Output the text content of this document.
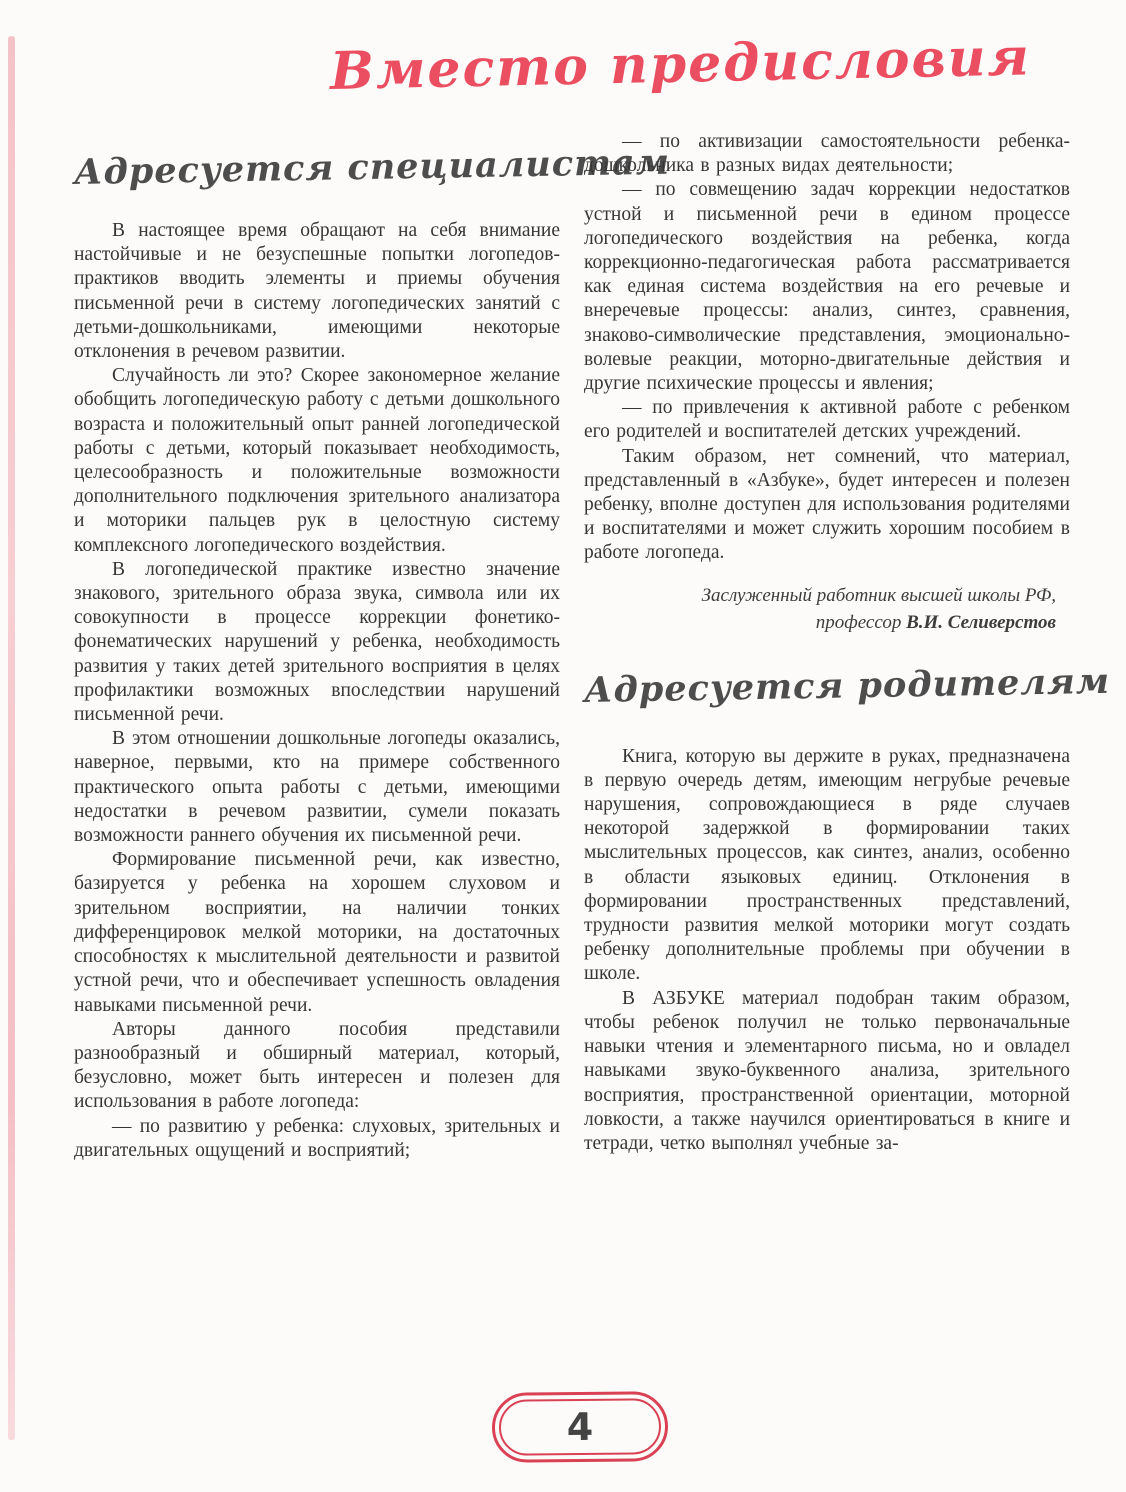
Вместо предисловия
Адресуется специалистам

В настоящее время обращают на себя внимание настойчивые и не безуспешные попытки логопедов-практиков вводить элементы и приемы обучения письменной речи в систему логопедических занятий с детьми-дошкольниками, имеющими некоторые отклонения в речевом развитии.

Случайность ли это? Скорее закономерное желание обобщить логопедическую работу с детьми дошкольного возраста и положительный опыт ранней логопедической работы с детьми, который показывает необходимость, целесообразность и положительные возможности дополнительного подключения зрительного анализатора и моторики пальцев рук в целостную систему комплексного логопедического воздействия.

В логопедической практике известно значение знакового, зрительного образа звука, символа или их совокупности в процессе коррекции фонетико-фонематических нарушений у ребенка, необходимость развития у таких детей зрительного восприятия в целях профилактики возможных впоследствии нарушений письменной речи.

В этом отношении дошкольные логопеды оказались, наверное, первыми, кто на примере собственного практического опыта работы с детьми, имеющими недостатки в речевом развитии, сумели показать возможности раннего обучения их письменной речи.

Формирование письменной речи, как известно, базируется у ребенка на хорошем слуховом и зрительном восприятии, на наличии тонких дифференцировок мелкой моторики, на достаточных способностях к мыслительной деятельности и развитой устной речи, что и обеспечивает успешность овладения навыками письменной речи.

Авторы данного пособия представили разнообразный и обширный материал, который, безусловно, может быть интересен и полезен для использования в работе логопеда:

— по развитию у ребенка: слуховых, зрительных и двигательных ощущений и восприятий;

— по активизации самостоятельности ребенка-дошкольника в разных видах деятельности;

— по совмещению задач коррекции недостатков устной и письменной речи в едином процессе логопедического воздействия на ребенка, когда коррекционно-педагогическая работа рассматривается как единая система воздействия на его речевые и внеречевые процессы: анализ, синтез, сравнения, знаково-символические представления, эмоционально-волевые реакции, моторно-двигательные действия и другие психические процессы и явления;

— по привлечения к активной работе с ребенком его родителей и воспитателей детских учреждений.

Таким образом, нет сомнений, что материал, представленный в «Азбуке», будет интересен и полезен ребенку, вполне доступен для использования родителями и воспитателями и может служить хорошим пособием в работе логопеда.

Заслуженный работник высшей школы РФ,

профессор В.И. Селиверстов

Адресуется родителям

Книга, которую вы держите в руках, предназначена в первую очередь детям, имеющим негрубые речевые нарушения, сопровождающиеся в ряде случаев некоторой задержкой в формировании таких мыслительных процессов, как синтез, анализ, особенно в области языковых единиц. Отклонения в формировании пространственных представлений, трудности развития мелкой моторики могут создать ребенку дополнительные проблемы при обучении в школе.

В АЗБУКЕ материал подобран таким образом, чтобы ребенок получил не только первоначальные навыки чтения и элементарного письма, но и овладел навыками звуко-буквенного анализа, зрительного восприятия, пространственной ориентации, моторной ловкости, а также научился ориентироваться в книге и тетради, четко выполнял учебные за-

4
